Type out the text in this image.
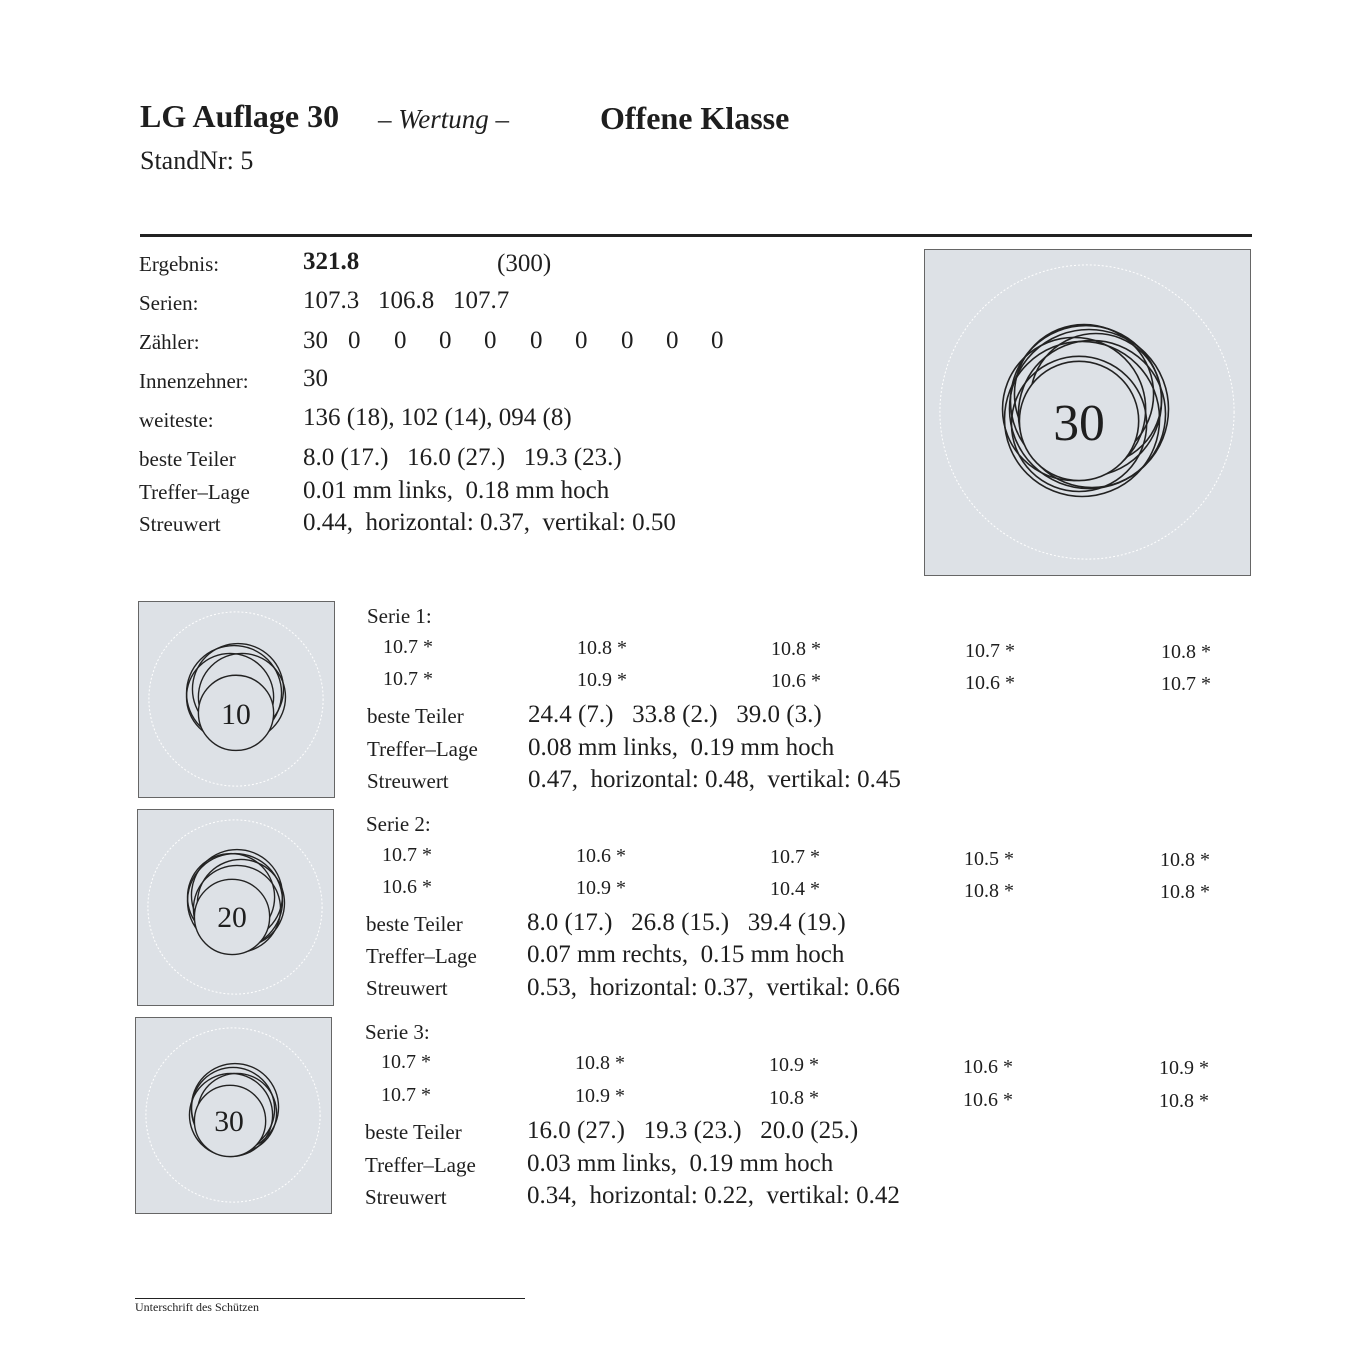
LG Auflage 30 – Wertung –	Offene Klasse
StandNr: 5
Ergebnis:	321.8	(300)
Serien:	107.3   106.8   107.7
Zähler:	30 0 0 0 0 0 0 0 0 0
Innenzehner: 30
weiteste:	136 (18), 102 (14), 094 (8)
beste Teiler	8.0 (17.)   16.0 (27.)   19.3 (23.)
Treffer–Lage 0.01 mm links,  0.18 mm hoch
Streuwert	0.44,  horizontal: 0.37,  vertikal: 0.50
30
10
Serie 1:
10.7 *	10.8 *	10.8 *	10.7 *	10.8 *
10.7 *	10.9 *	10.6 *	10.6 *	10.7 *
beste Teiler	24.4 (7.)   33.8 (2.)   39.0 (3.)
Treffer–Lage 0.08 mm links,  0.19 mm hoch
Streuwert	0.47,  horizontal: 0.48,  vertikal: 0.45
20
Serie 2:
10.7 *	10.6 *	10.7 *	10.5 *	10.8 *
10.6 *	10.9 *	10.4 *	10.8 *	10.8 *
beste Teiler	8.0 (17.)   26.8 (15.)   39.4 (19.)
Treffer–Lage 0.07 mm rechts,  0.15 mm hoch
Streuwert	0.53,  horizontal: 0.37,  vertikal: 0.66
30
Serie 3:
10.7 *	10.8 *	10.9 *	10.6 *	10.9 *
10.7 *	10.9 *	10.8 *	10.6 *	10.8 *
beste Teiler	16.0 (27.)   19.3 (23.)   20.0 (25.)
Treffer–Lage 0.03 mm links,  0.19 mm hoch
Streuwert	0.34,  horizontal: 0.22,  vertikal: 0.42
Unterschrift des Schützen
